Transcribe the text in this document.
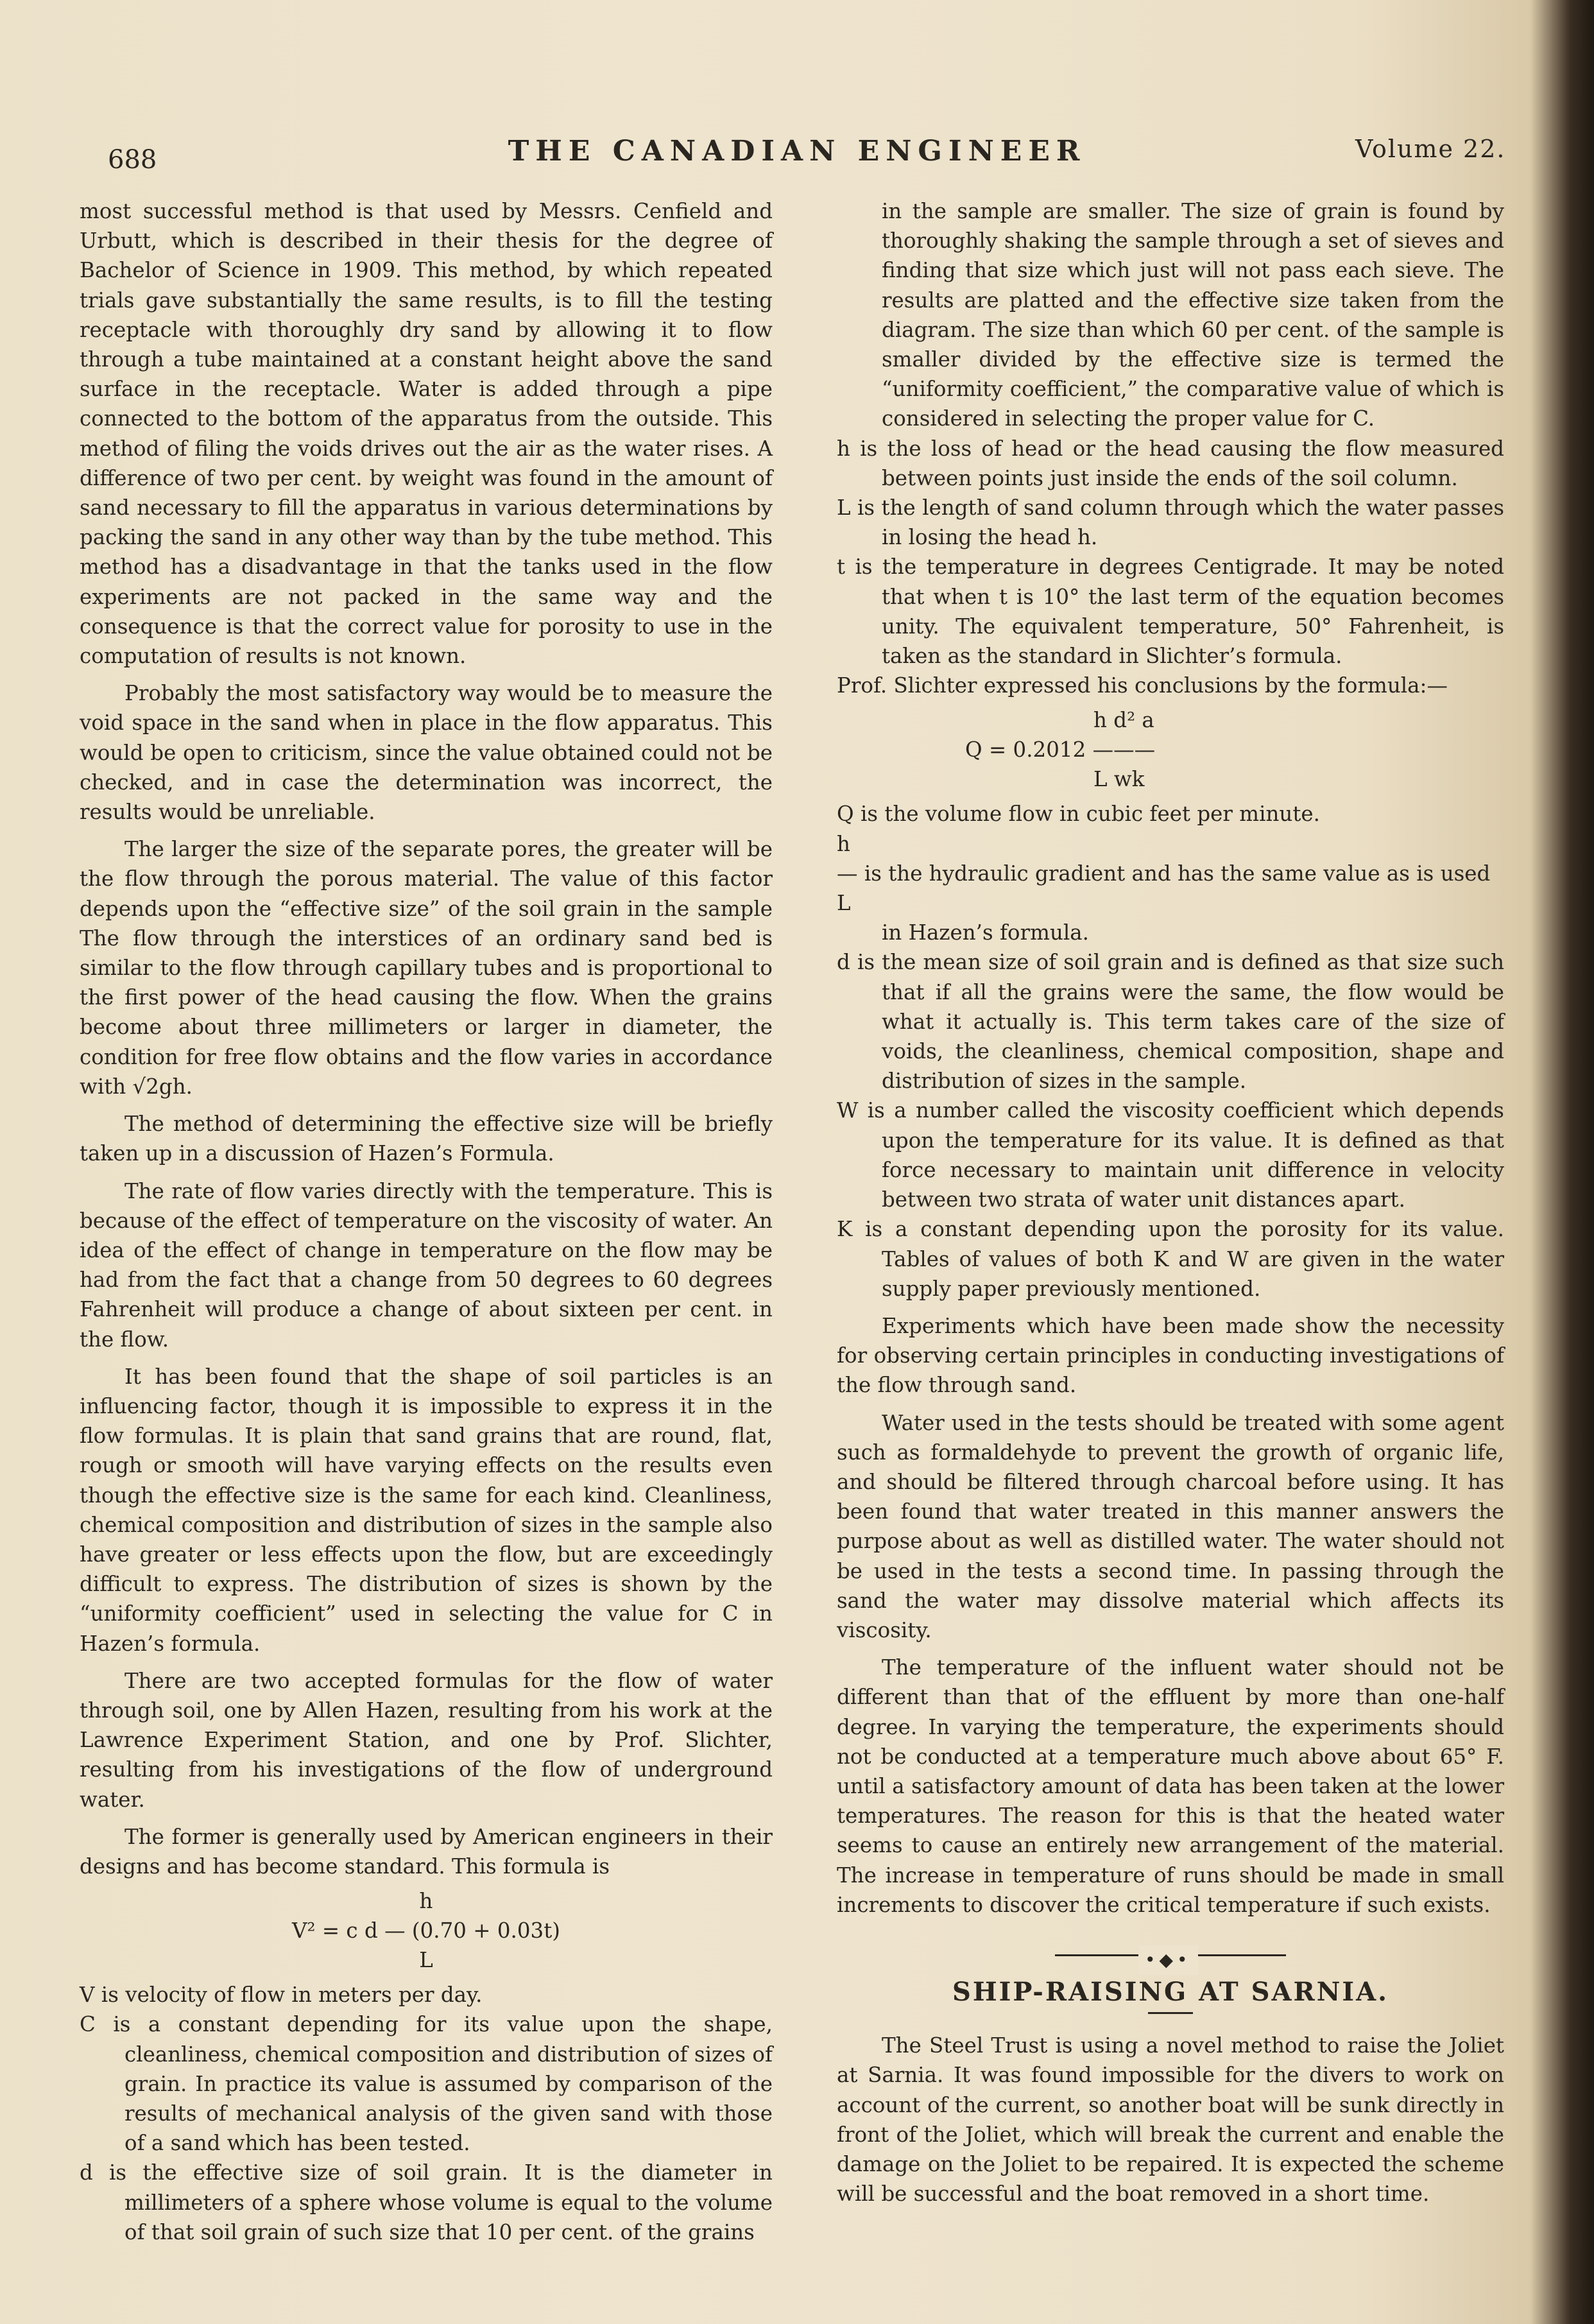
688	THE CANADIAN ENGINEER	Volume 22.

most successful method is that used by Messrs. Cenfield and Urbutt, which is described in their thesis for the degree of Bachelor of Science in 1909. This method, by which repeated trials gave substantially the same results, is to fill the testing receptacle with thoroughly dry sand by allowing it to flow through a tube maintained at a constant height above the sand surface in the receptacle. Water is added through a pipe connected to the bottom of the apparatus from the outside. This method of filing the voids drives out the air as the water rises. A difference of two per cent. by weight was found in the amount of sand necessary to fill the apparatus in various determinations by packing the sand in any other way than by the tube method. This method has a disadvantage in that the tanks used in the flow experiments are not packed in the same way and the consequence is that the correct value for porosity to use in the computation of results is not known.

Probably the most satisfactory way would be to measure the void space in the sand when in place in the flow apparatus. This would be open to criticism, since the value obtained could not be checked, and in case the determination was incorrect, the results would be unreliable.

The larger the size of the separate pores, the greater will be the flow through the porous material. The value of this factor depends upon the “effective size” of the soil grain in the sample The flow through the interstices of an ordinary sand bed is similar to the flow through capillary tubes and is proportional to the first power of the head causing the flow. When the grains become about three millimeters or larger in diameter, the condition for free flow obtains and the flow varies in accordance with √2gh.

The method of determining the effective size will be briefly taken up in a discussion of Hazen’s Formula.

The rate of flow varies directly with the temperature. This is because of the effect of temperature on the viscosity of water. An idea of the effect of change in temperature on the flow may be had from the fact that a change from 50 degrees to 60 degrees Fahrenheit will produce a change of about sixteen per cent. in the flow.

It has been found that the shape of soil particles is an influencing factor, though it is impossible to express it in the flow formulas. It is plain that sand grains that are round, flat, rough or smooth will have varying effects on the results even though the effective size is the same for each kind. Cleanliness, chemical composition and distribution of sizes in the sample also have greater or less effects upon the flow, but are exceedingly difficult to express. The distribution of sizes is shown by the “uniformity coefficient” used in selecting the value for C in Hazen’s formula.

There are two accepted formulas for the flow of water through soil, one by Allen Hazen, resulting from his work at the Lawrence Experiment Station, and one by Prof. Slichter, resulting from his investigations of the flow of underground water.

The former is generally used by American engineers in their designs and has become standard. This formula is

h
V² = c d — (0.70 + 0.03t)
L

V is velocity of flow in meters per day.

C is a constant depending for its value upon the shape, cleanliness, chemical composition and distribution of sizes of grain. In practice its value is assumed by comparison of the results of mechanical analysis of the given sand with those of a sand which has been tested.

d is the effective size of soil grain. It is the diameter in millimeters of a sphere whose volume is equal to the volume of that soil grain of such size that 10 per cent. of the grains

in the sample are smaller. The size of grain is found by thoroughly shaking the sample through a set of sieves and finding that size which just will not pass each sieve. The results are platted and the effective size taken from the diagram. The size than which 60 per cent. of the sample is smaller divided by the effective size is termed the “uniformity coefficient,” the comparative value of which is considered in selecting the proper value for C.

h is the loss of head or the head causing the flow measured between points just inside the ends of the soil column.

L is the length of sand column through which the water passes in losing the head h.

t is the temperature in degrees Centigrade. It may be noted that when t is 10° the last term of the equation becomes unity. The equivalent temperature, 50° Fahrenheit, is taken as the standard in Slichter’s formula.

Prof. Slichter expressed his conclusions by the formula:—

h d² a
Q = 0.2012 ———
L wk

Q is the volume flow in cubic feet per minute.

h

— is the hydraulic gradient and has the same value as is used

L

in Hazen’s formula.

d is the mean size of soil grain and is defined as that size such that if all the grains were the same, the flow would be what it actually is. This term takes care of the size of voids, the cleanliness, chemical composition, shape and distribution of sizes in the sample.

W is a number called the viscosity coefficient which depends upon the temperature for its value. It is defined as that force necessary to maintain unit difference in velocity between two strata of water unit distances apart.

K is a constant depending upon the porosity for its value. Tables of values of both K and W are given in the water supply paper previously mentioned.

Experiments which have been made show the necessity for observing certain principles in conducting investigations of the flow through sand.

Water used in the tests should be treated with some agent such as formaldehyde to prevent the growth of organic life, and should be filtered through charcoal before using. It has been found that water treated in this manner answers the purpose about as well as distilled water. The water should not be used in the tests a second time. In passing through the sand the water may dissolve material which affects its viscosity.

The temperature of the influent water should not be different than that of the effluent by more than one-half degree. In varying the temperature, the experiments should not be conducted at a temperature much above about 65° F. until a satisfactory amount of data has been taken at the lower temperatures. The reason for this is that the heated water seems to cause an entirely new arrangement of the material. The increase in temperature of runs should be made in small increments to discover the critical temperature if such exists.

•◆•
SHIP-RAISING AT SARNIA.

The Steel Trust is using a novel method to raise the Joliet at Sarnia. It was found impossible for the divers to work on account of the current, so another boat will be sunk directly in front of the Joliet, which will break the current and enable the damage on the Joliet to be repaired. It is expected the scheme will be successful and the boat removed in a short time.
